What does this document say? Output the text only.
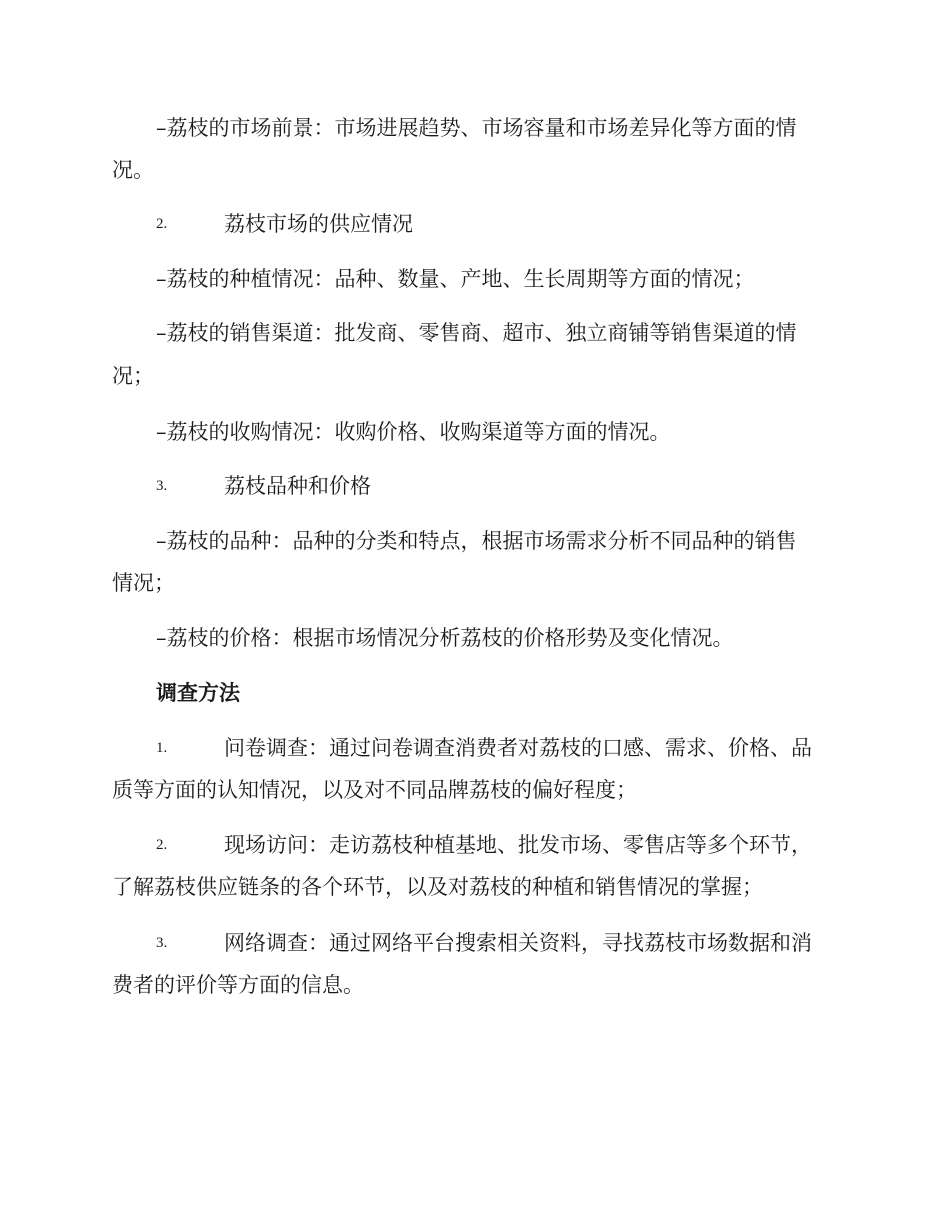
–荔枝的市场前景：市场进展趋势、市场容量和市场差异化等方面的情
况。
2.	荔枝市场的供应情况
–荔枝的种植情况：品种、数量、产地、生长周期等方面的情况；
–荔枝的销售渠道：批发商、零售商、超市、独立商铺等销售渠道的情
况；
–荔枝的收购情况：收购价格、收购渠道等方面的情况。
3.	荔枝品种和价格
–荔枝的品种：品种的分类和特点，根据市场需求分析不同品种的销售
情况；
–荔枝的价格：根据市场情况分析荔枝的价格形势及变化情况。
调查方法
1.	问卷调查：通过问卷调查消费者对荔枝的口感、需求、价格、品
质等方面的认知情况，以及对不同品牌荔枝的偏好程度；
2.	现场访问：走访荔枝种植基地、批发市场、零售店等多个环节，
了解荔枝供应链条的各个环节，以及对荔枝的种植和销售情况的掌握；
3.	网络调查：通过网络平台搜索相关资料，寻找荔枝市场数据和消
费者的评价等方面的信息。
